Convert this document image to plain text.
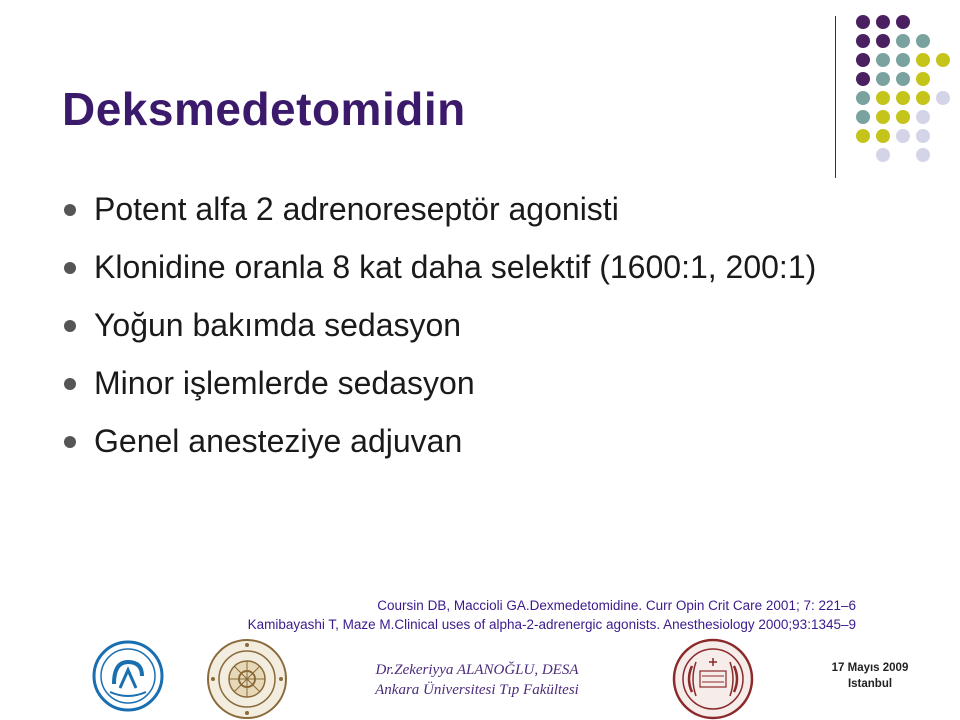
Deksmedetomidin
Potent alfa 2 adrenoreseptör agonisti
Klonidine oranla 8 kat daha selektif (1600:1, 200:1)
Yoğun bakımda sedasyon
Minor işlemlerde sedasyon
Genel anesteziye adjuvan
Coursin DB, Maccioli GA.Dexmedetomidine. Curr Opin Crit Care 2001; 7: 221–6
Kamibayashi T, Maze M.Clinical uses of alpha-2-adrenergic agonists. Anesthesiology 2000;93:1345–9
Dr.Zekeriyya ALANOĞLU, DESA
Ankara Üniversitesi Tıp Fakültesi
17 Mayıs 2009
Istanbul
